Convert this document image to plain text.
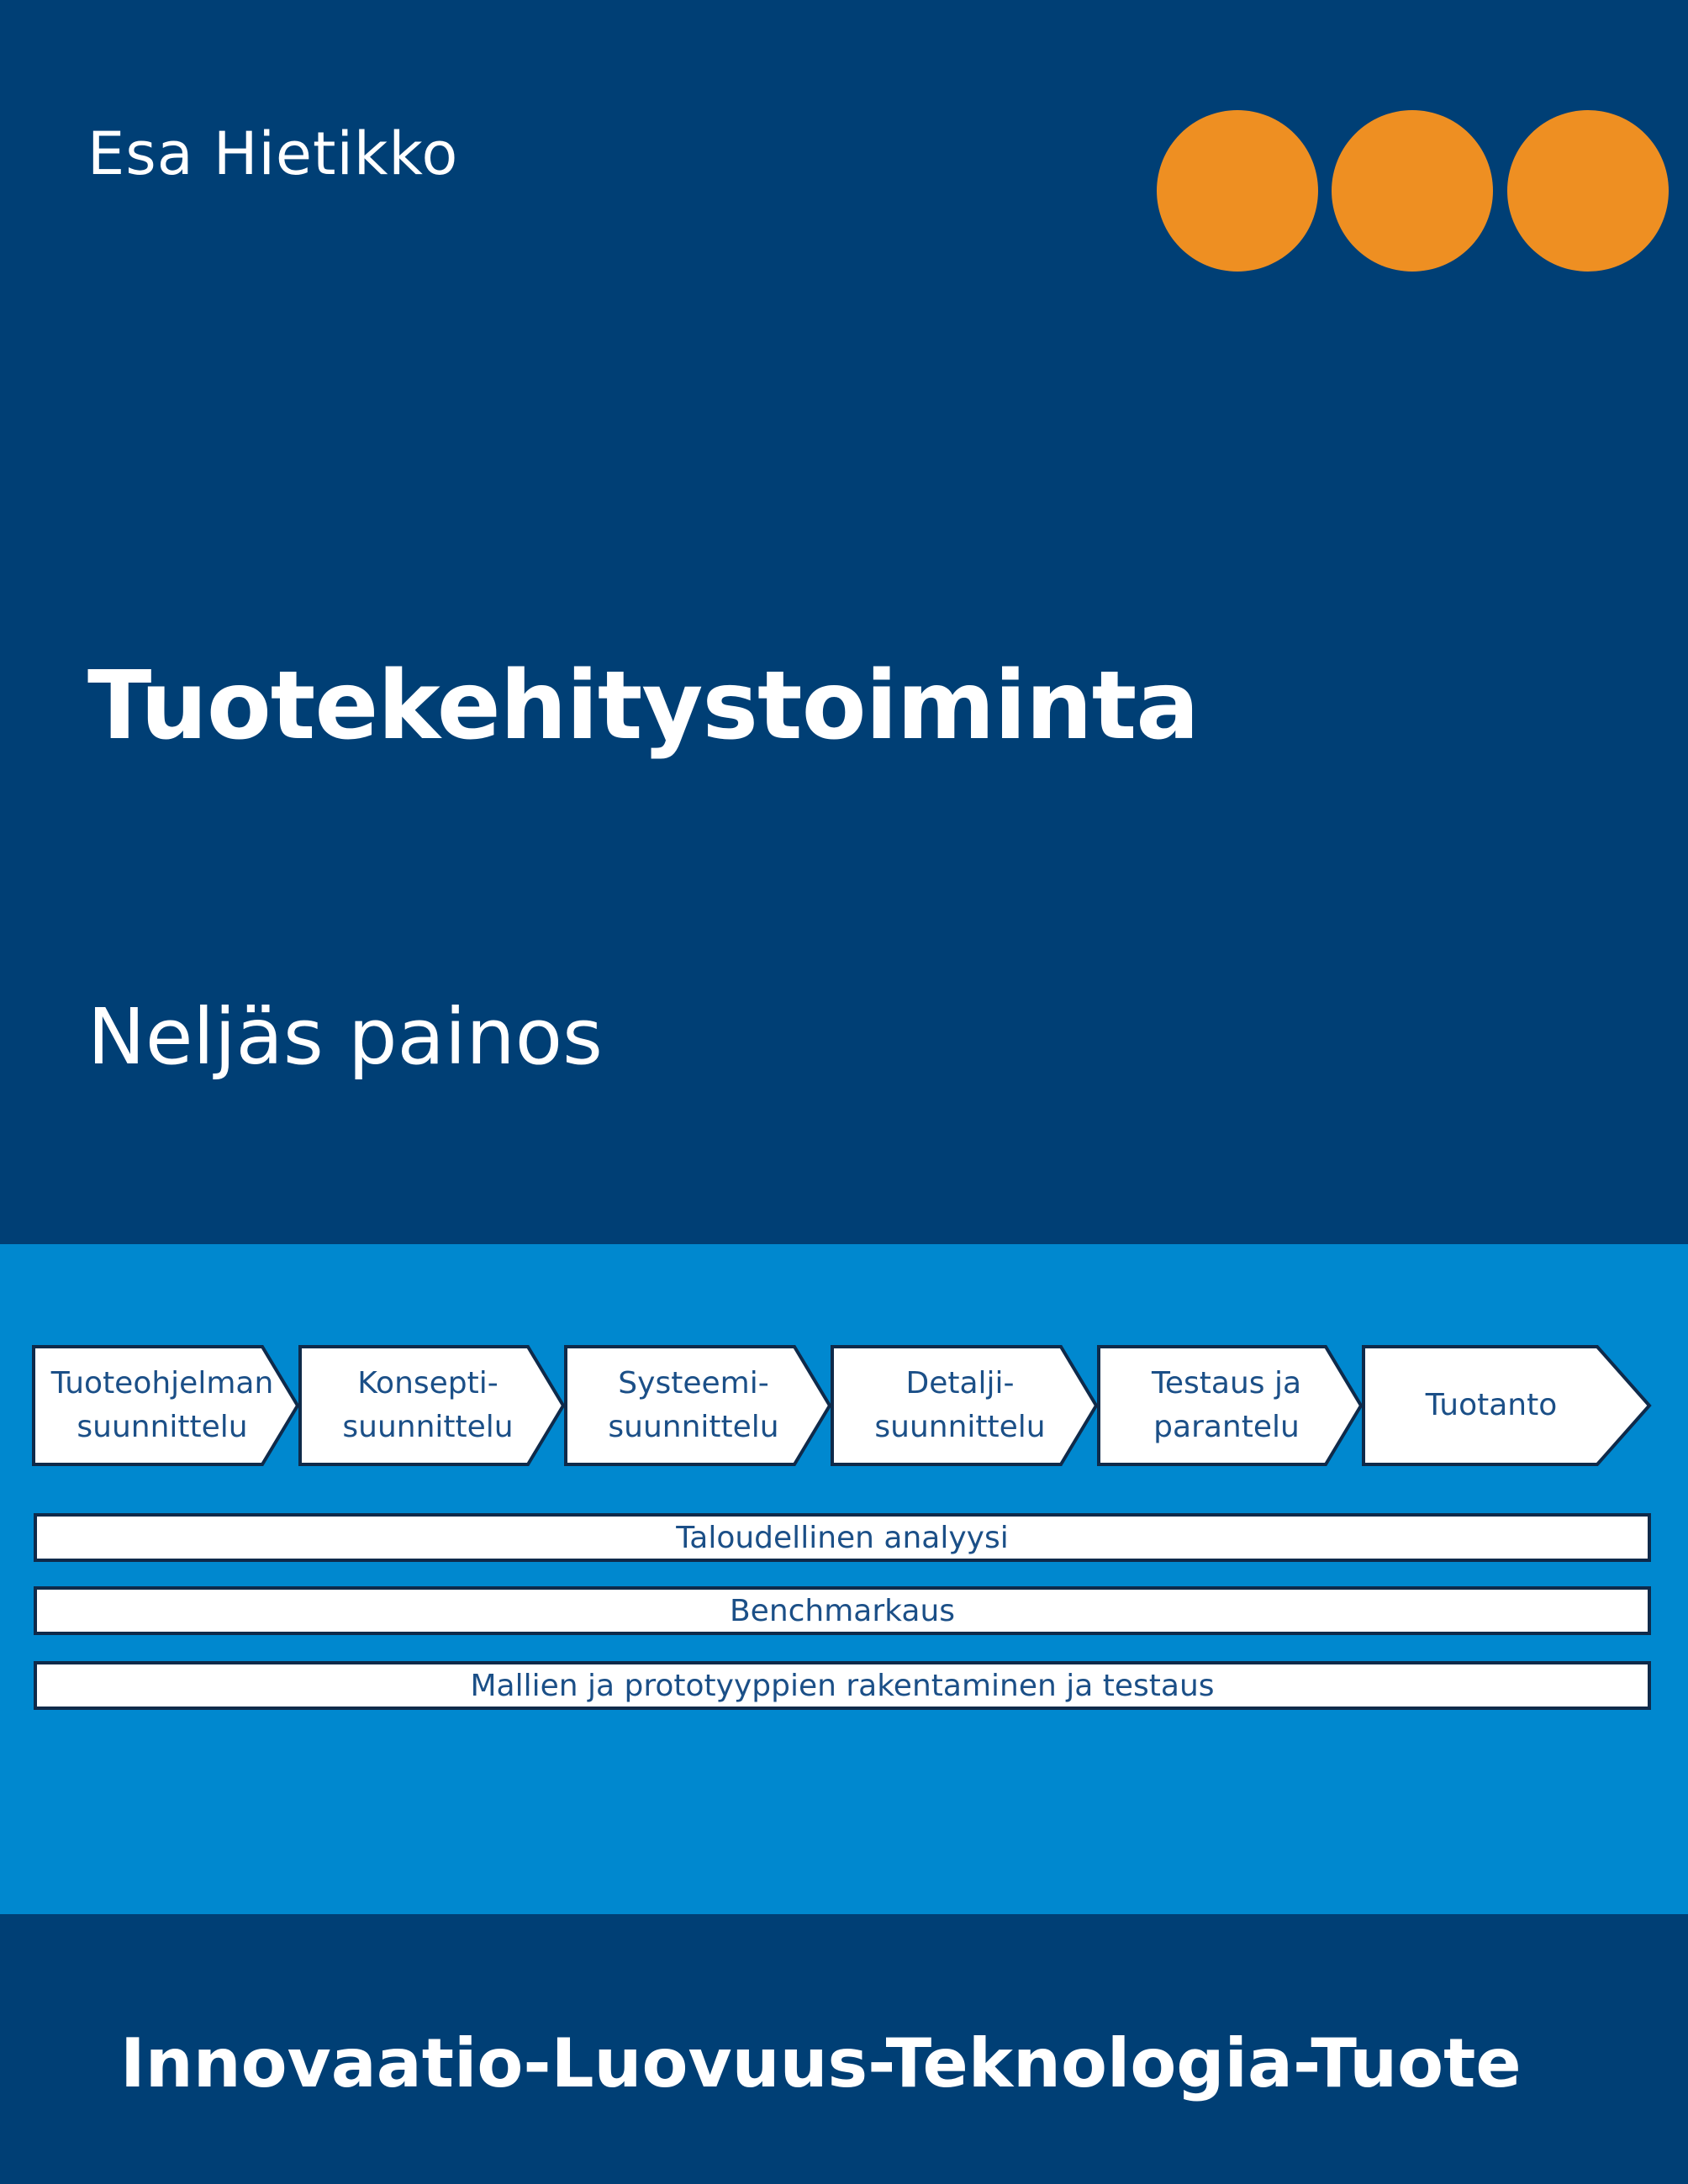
Esa Hietikko
Tuotekehitystoiminta
Neljäs painos
Tuoteohjelman
suunnittelu
Konsepti-
suunnittelu
Systeemi-
suunnittelu
Detalji-
suunnittelu
Testaus ja
parantelu
Tuotanto
Taloudellinen analyysi
Benchmarkaus
Mallien ja prototyyppien rakentaminen ja testaus
Innovaatio-Luovuus-Teknologia-Tuote
